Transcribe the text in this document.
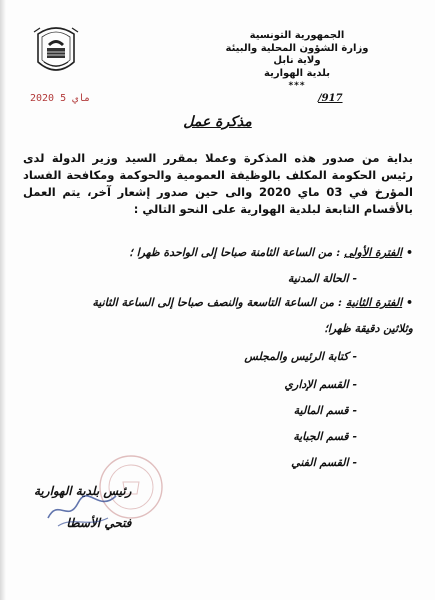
الجمهورية التونسية
وزارة الشؤون المحلية والبيئة
ولاية نابل
بلدية الهوارية
***
/917
2020 ماي 5
مذكرة عمل
بداية من صدور هذه المذكرة وعملا بمقرر السيد وزير الدولة لدى رئيس الحكومة المكلف بالوظيفة العمومية والحوكمة ومكافحة الفساد المؤرخ في 03 ماي 2020 والى حين صدور إشعار آخر، يتم العمل بالأقسام التابعة لبلدية الهوارية على النحو التالي :
• الفترة الأولى : من الساعة الثامنة صباحا إلى الواحدة ظهرا ؛
- الحالة المدنية
• الفترة الثانية : من الساعة التاسعة والنصف صباحا إلى الساعة الثانية
وثلاثين دقيقة ظهرا؛
- كتابة الرئيس والمجلس
- القسم الإداري
- قسم المالية
- قسم الجباية
- القسم الفني
رئيس بلدية الهوارية
فتحي الأسطا
